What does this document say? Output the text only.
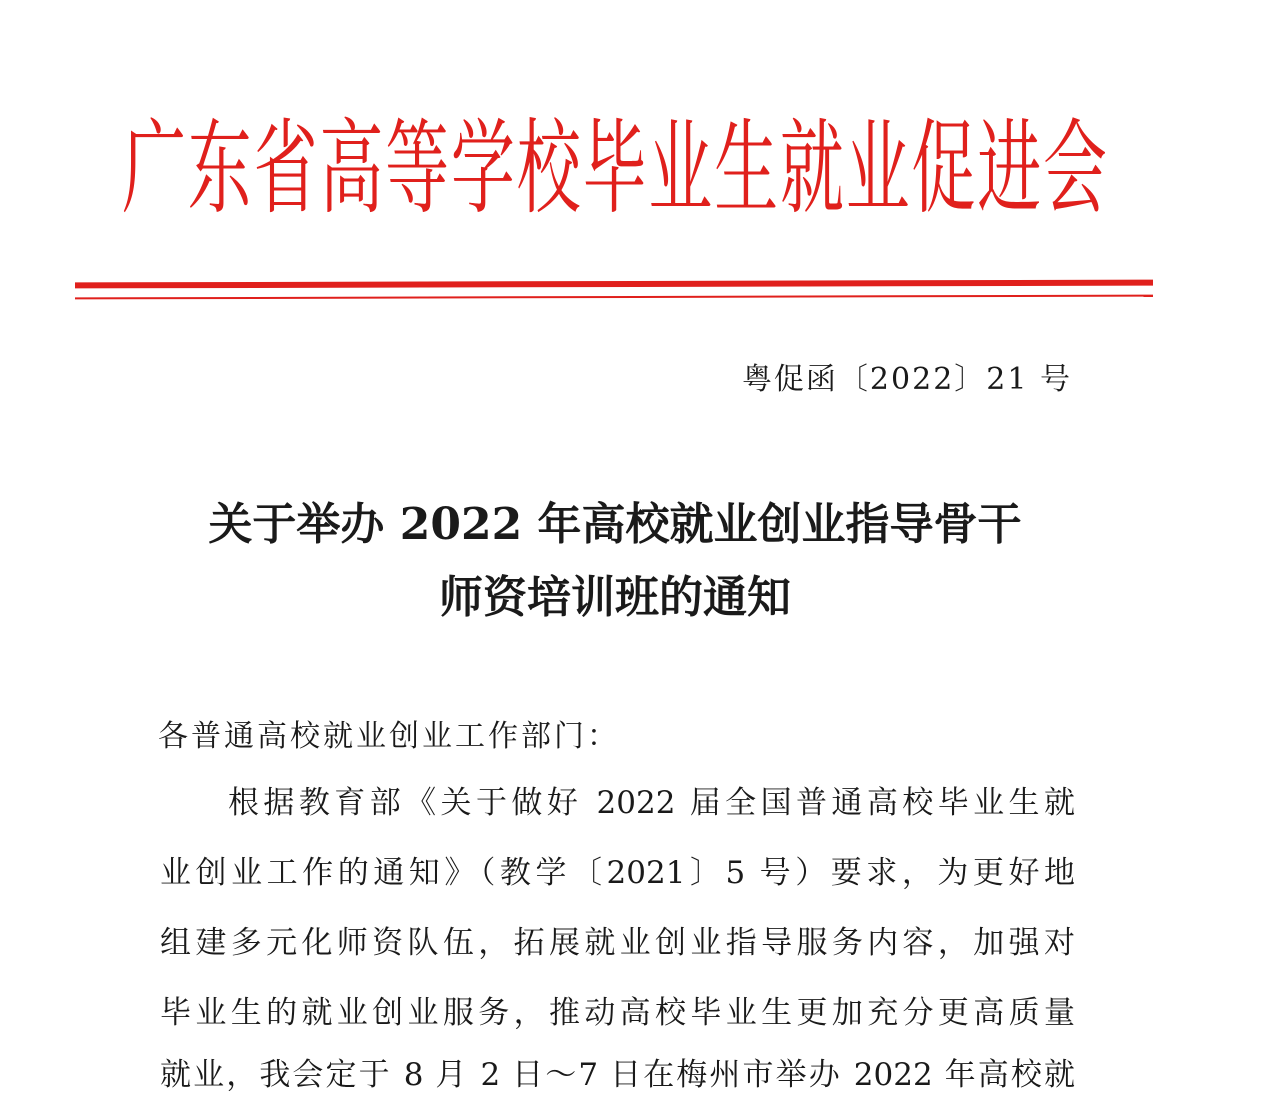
广东省高等学校毕业生就业促进会
粤促函〔2022〕21 号
关于举办 2022 年高校就业创业指导骨干
师资培训班的通知
各普通高校就业创业工作部门：
根据教育部《关于做好 2022 届全国普通高校毕业生就
业创业工作的通知》（教学〔2021〕5 号）要求，为更好地
组建多元化师资队伍，拓展就业创业指导服务内容，加强对
毕业生的就业创业服务，推动高校毕业生更加充分更高质量
就业，我会定于 8 月 2 日～7 日在梅州市举办 2022 年高校就
